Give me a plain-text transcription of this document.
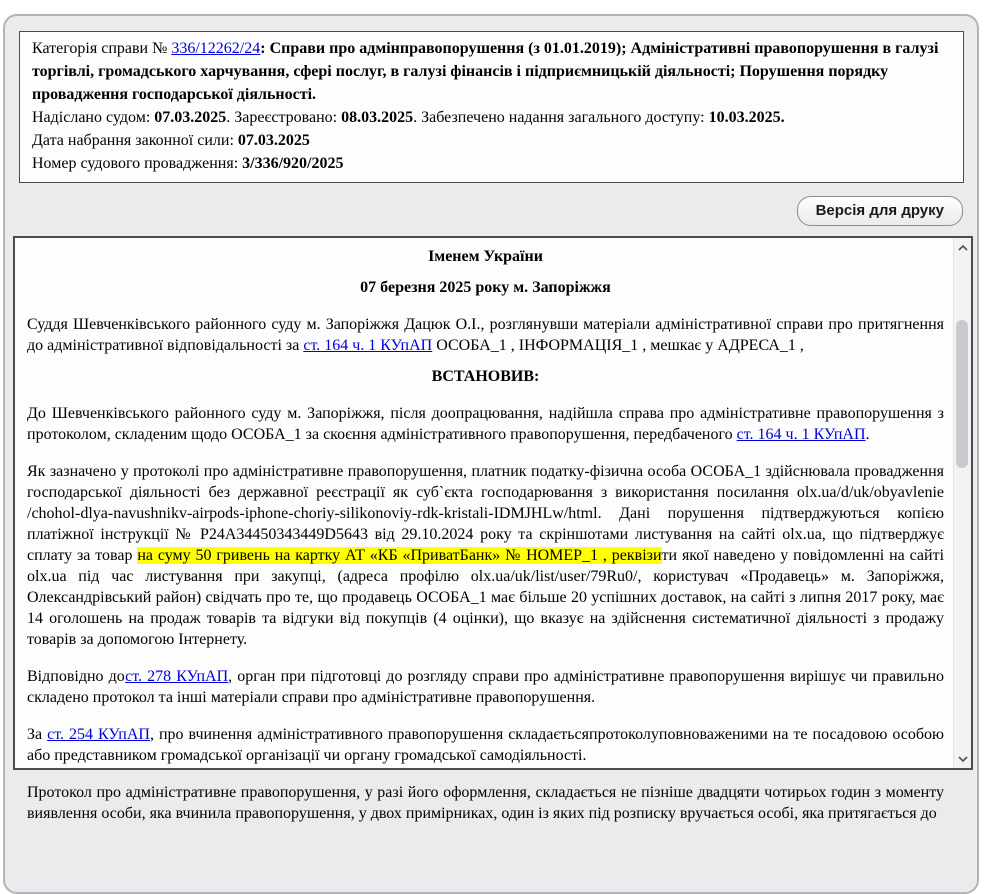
Категорія справи № 336/12262/24: Справи про адмінправопорушення (з 01.01.2019); Адміністративні правопорушення в галузі торгівлі, громадського харчування, сфері послуг, в галузі фінансів і підприємницькій діяльності; Порушення порядку провадження господарської діяльності.

Надіслано судом: 07.03.2025. Зареєстровано: 08.03.2025. Забезпечено надання загального доступу: 10.03.2025.

Дата набрання законної сили: 07.03.2025

Номер судового провадження: 3/336/920/2025

Версія для друку

Іменем України

07 березня 2025 року м. Запоріжжя

Суддя Шевченківського районного суду м. Запоріжжя Дацюк О.І., розглянувши матеріали адміністративної справи про притягнення до адміністративної відповідальності за ст. 164 ч. 1 КУпАП ОСОБА_1 , ІНФОРМАЦІЯ_1 , мешкає у АДРЕСА_1 ,

ВСТАНОВИВ:

До Шевченківського районного суду м. Запоріжжя, після доопрацювання, надійшла справа про адміністративне правопорушення з протоколом, складеним щодо ОСОБА_1 за скоєння адміністративного правопорушення, передбаченого ст. 164 ч. 1 КУпАП.

Як зазначено у протоколі про адміністративне правопорушення, платник податку-фізична особа ОСОБА_1 здійснювала провадження господарської діяльності без державної реєстрації як суб`єкта господарювання з використання посилання olx.ua/d/uk/obyavlenie /chohol-dlya-navushnikv-airpods-iphone-choriy-silikonoviy-rdk-kristali-IDMJHLw/html. Дані порушення підтверджуються копією платіжної інструкції № P24A34450343449D5643 від 29.10.2024 року та скріншотами листування на сайті olx.ua, що підтверджує сплату за товар на суму 50 гривень на картку АТ «КБ «ПриватБанк» № НОМЕР_1 , реквізити якої наведено у повідомленні на сайті olx.ua під час листування при закупці, (адреса профілю olx.ua/uk/list/user/79Ru0/, користувач «Продавець» м. Запоріжжя, Олександрівський район) свідчать про те, що продавець ОСОБА_1 має більше 20 успішних доставок, на сайті з липня 2017 року, має 14 оголошень на продаж товарів та відгуки від покупців (4 оцінки), що вказує на здійснення систематичної діяльності з продажу товарів за допомогою Інтернету.

Відповідно дост. 278 КУпАП, орган при підготовці до розгляду справи про адміністративне правопорушення вирішує чи правильно складено протокол та інші матеріали справи про адміністративне правопорушення.

За ст. 254 КУпАП, про вчинення адміністративного правопорушення складаєтьсяпротоколуповноваженими на те посадовою особою або представником громадської організації чи органу громадської самодіяльності.

Протокол про адміністративне правопорушення, у разі його оформлення, складається не пізніше двадцяти чотирьох годин з моменту виявлення особи, яка вчинила правопорушення, у двох примірниках, один із яких під розписку вручається особі, яка притягається до
